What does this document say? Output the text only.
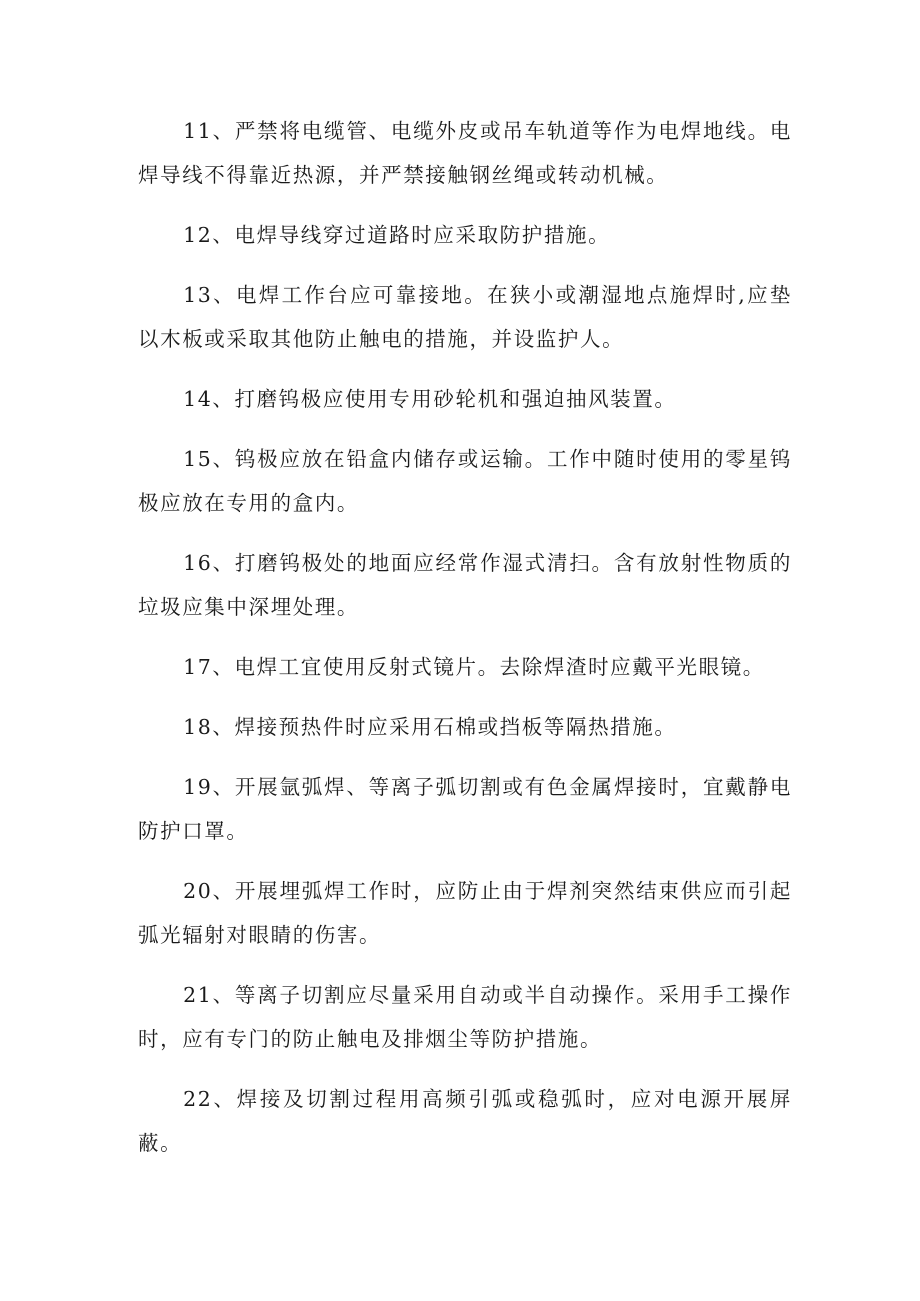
11、严禁将电缆管、电缆外皮或吊车轨道等作为电焊地线。电焊导线不得靠近热源，并严禁接触钢丝绳或转动机械。

12、电焊导线穿过道路时应采取防护措施。

13、电焊工作台应可靠接地。在狭小或潮湿地点施焊时,应垫以木板或采取其他防止触电的措施，并设监护人。

14、打磨钨极应使用专用砂轮机和强迫抽风装置。

15、钨极应放在铅盒内储存或运输。工作中随时使用的零星钨极应放在专用的盒内。

16、打磨钨极处的地面应经常作湿式清扫。含有放射性物质的垃圾应集中深埋处理。

17、电焊工宜使用反射式镜片。去除焊渣时应戴平光眼镜。

18、焊接预热件时应采用石棉或挡板等隔热措施。

19、开展氩弧焊、等离子弧切割或有色金属焊接时，宜戴静电防护口罩。

20、开展埋弧焊工作时，应防止由于焊剂突然结束供应而引起弧光辐射对眼睛的伤害。

21、等离子切割应尽量采用自动或半自动操作。采用手工操作时，应有专门的防止触电及排烟尘等防护措施。

22、焊接及切割过程用高频引弧或稳弧时，应对电源开展屏蔽。
